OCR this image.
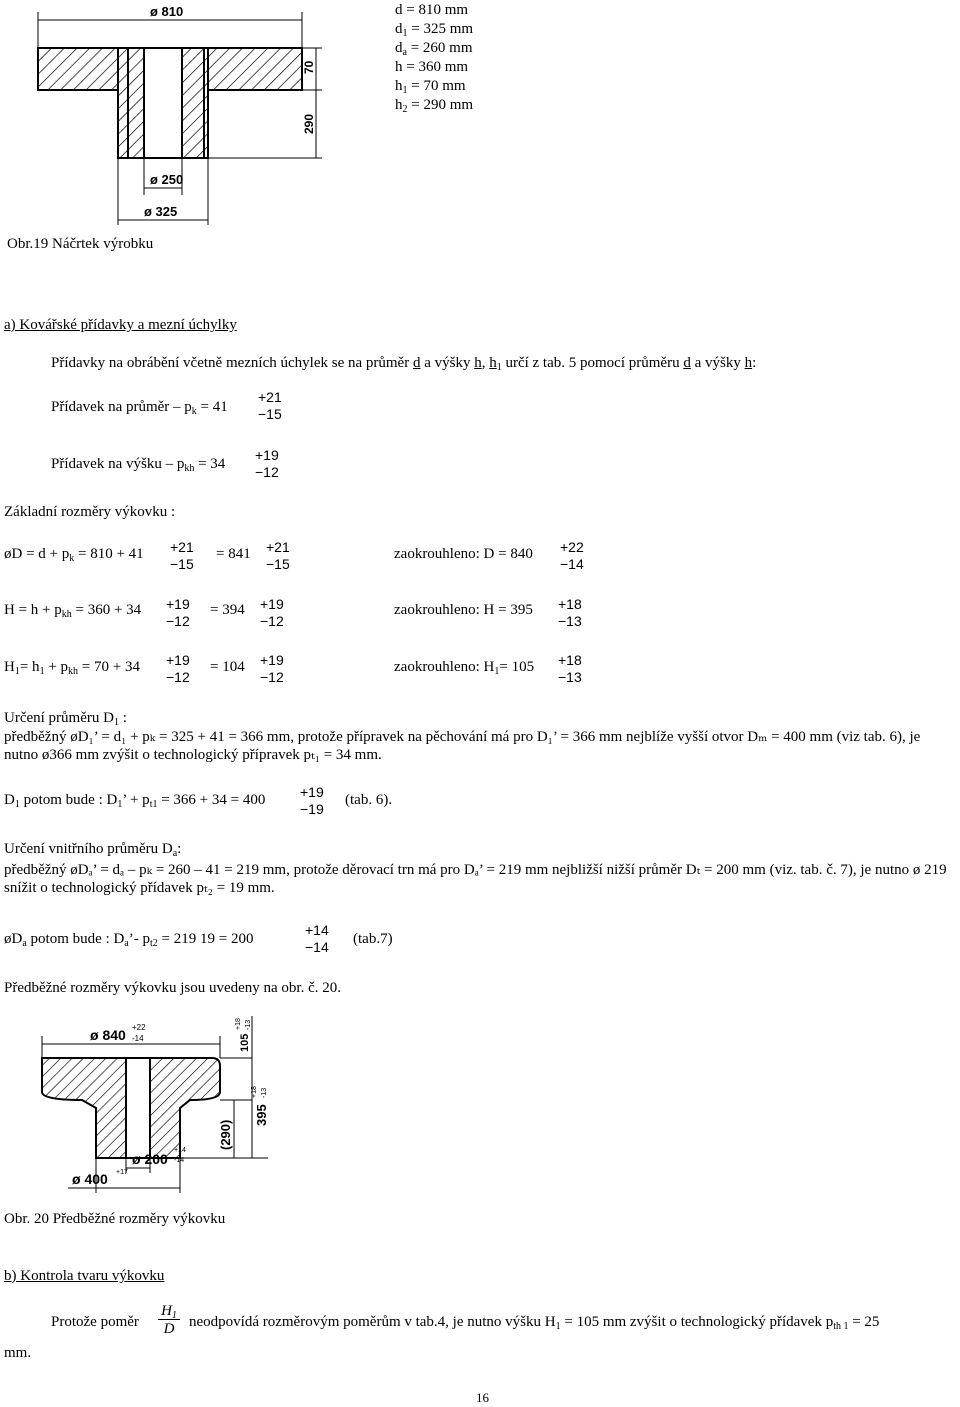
d = 810 mm
$d_1 = 325$ mm
$d_a = 260$ mm
h = 360 mm
$h_1 = 70$ mm
$h_2 = 290$ mm
ø 810
70
290
ø 250
ø 325
Obr.19 Náčrtek výrobku
a) Kovářské přídavky a mezní úchylky
Přídavky na obrábění včetně mezních úchylek se na průměr d a výšky h, $h_1$ určí z tab. 5 pomocí průměru d a výšky h:
Přídavek na průměr – $p_k = 41$
+21
−15
Přídavek na výšku – $p_{kh} = 34$
+19
−12
Základní rozměry výkovku :
øD = $d + p_k = 810 + 41 +21$
−15
= 841 +21
−15
zaokrouhleno: D = 840 +22
−14
$H = h + p_{kh} = 360 + 34 +19$
−12
= 394 +19
−12
zaokrouhleno: H = 395 +18
−13
$H_1= h_1 + p_{kh} = 70 + 34 +19$
−12
= 104 +19
−12
zaokrouhleno: $H_1= 105 +18$
−13
Určení průměru $D_1$ :
předběžný øD₁’ = d₁ + pₖ = 325 + 41 = 366 mm, protože přípravek na pěchování má pro D₁’ = 366 mm nejblíže vyšší otvor Dₘ = 400 mm (viz tab. 6), je nutno ø366 mm zvýšit o technologický přípravek pₜ₁ = 34 mm.
$D_1$ potom bude : $D_1$’ + $p_{t1} = 366 + 34 = 400 +19$
−19
(tab. 6).
Určení vnitřního průměru $D_a$:
předběžný øDₐ’ = dₐ – pₖ = 260 – 41 = 219 mm, protože děrovací trn má pro Dₐ’ = 219 mm nejbližší nižší průměr Dₜ = 200 mm (viz. tab. č. 7), je nutno ø 219 snížit o technologický přídavek pₜ₂ = 19 mm.
$øD_a$ potom bude : $D_a’-$ $p_{t2} = 219$ 19 = 200
+14
−14 (tab.7)
Předběžné rozměry výkovku jsou uvedeny na obr. č. 20.
ø 840 +22
-14	105
+18 -13
(290)
395
+18 -13
ø 200
+14
-14
ø 400 +17
Obr. 20 Předběžné rozměry výkovku
b) Kontrola tvaru výkovku
Protože poměr $\frac{H_1}{D}$ neodpovídá rozměrovým poměrům v tab.4, je nutno výšku $H_1 = 105$ mm zvýšit o technologický přídavek $p_{th 1} = 25$
mm.
16
